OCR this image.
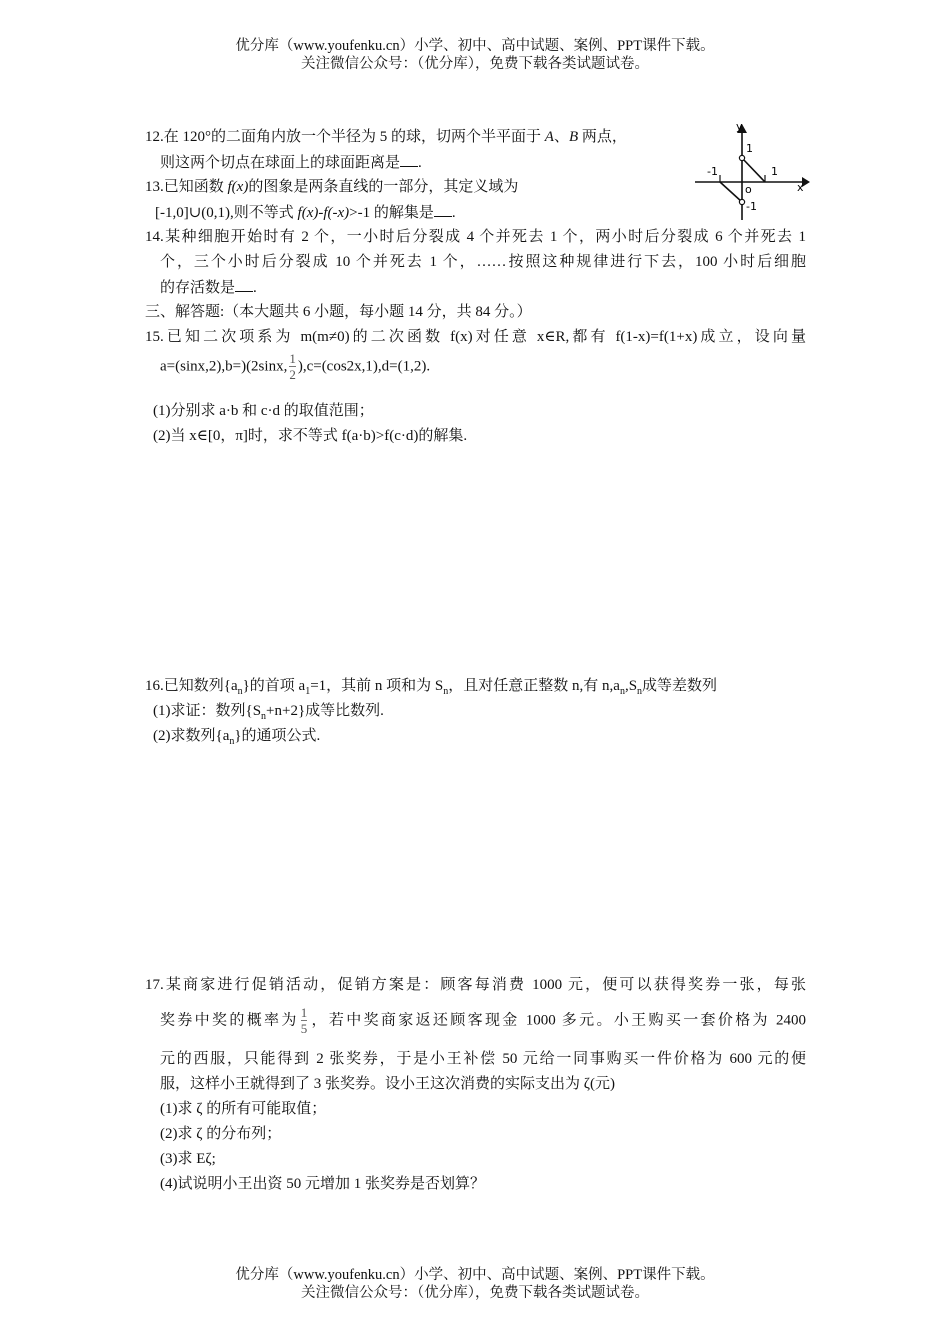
优分库（www.youfenku.cn）小学、初中、高中试题、案例、PPT课件下载。
关注微信公众号：（优分库），免费下载各类试题试卷。
12.在 120°的二面角内放一个半径为 5 的球，切两个半平面于 A、B 两点，
则这两个切点在球面上的球面距离是 .
13.已知函数 f(x)的图象是两条直线的一部分，其定义域为
[-1,0]∪(0,1),则不等式 f(x)-f(-x)>-1 的解集是 .
y
x
o
-1	1
1
-1
14.某种细胞开始时有 2 个，一小时后分裂成 4 个并死去 1 个，两小时后分裂成 6 个并死去 1
个，三个小时后分裂成 10 个并死去 1 个，……按照这种规律进行下去，100 小时后细胞
的存活数是 .
三、解答题:（本大题共 6 小题，每小题 14 分，共 84 分。）
15.已知二次项系为 m(m≠0)的二次函数 f(x)对任意 x∈R,都有 f(1-x)=f(1+x)成立，设向量
a=(sinx,2),b=)(2sinx, $\frac{1}{2} ),c=(\cos 2x,1),d=(1,2)$.
(1)分别求 a·b 和 c·d 的取值范围；
(2)当 x∈[0，π]时，求不等式 f(a·b)>f(c·d)的解集.
16.已知数列$\{a_n\}$的首项 $a_1=1$，其前 n 项和为 $S_n$，且对任意正整数 n,有 $n,a_n,S_n$成等差数列
(1)求证：数列$\{S_n+n+2\}$成等比数列.
(2)求数列$\{a_n\}$的通项公式.
17.某商家进行促销活动，促销方案是：顾客每消费 1000 元，便可以获得奖券一张，每张
奖券中奖的概率为 $\frac{1}{5}$ ，若中奖商家返还顾客现金 1000 多元。小王购买一套价格为 2400
元的西服，只能得到 2 张奖券，于是小王补偿 50 元给一同事购买一件价格为 600 元的便
服，这样小王就得到了 3 张奖券。设小王这次消费的实际支出为 ζ(元)
(1)求 ζ 的所有可能取值；
(2)求 ζ 的分布列；
(3)求 Eζ;
(4)试说明小王出资 50 元增加 1 张奖券是否划算？
优分库（www.youfenku.cn）小学、初中、高中试题、案例、PPT课件下载。
关注微信公众号：（优分库），免费下载各类试题试卷。
